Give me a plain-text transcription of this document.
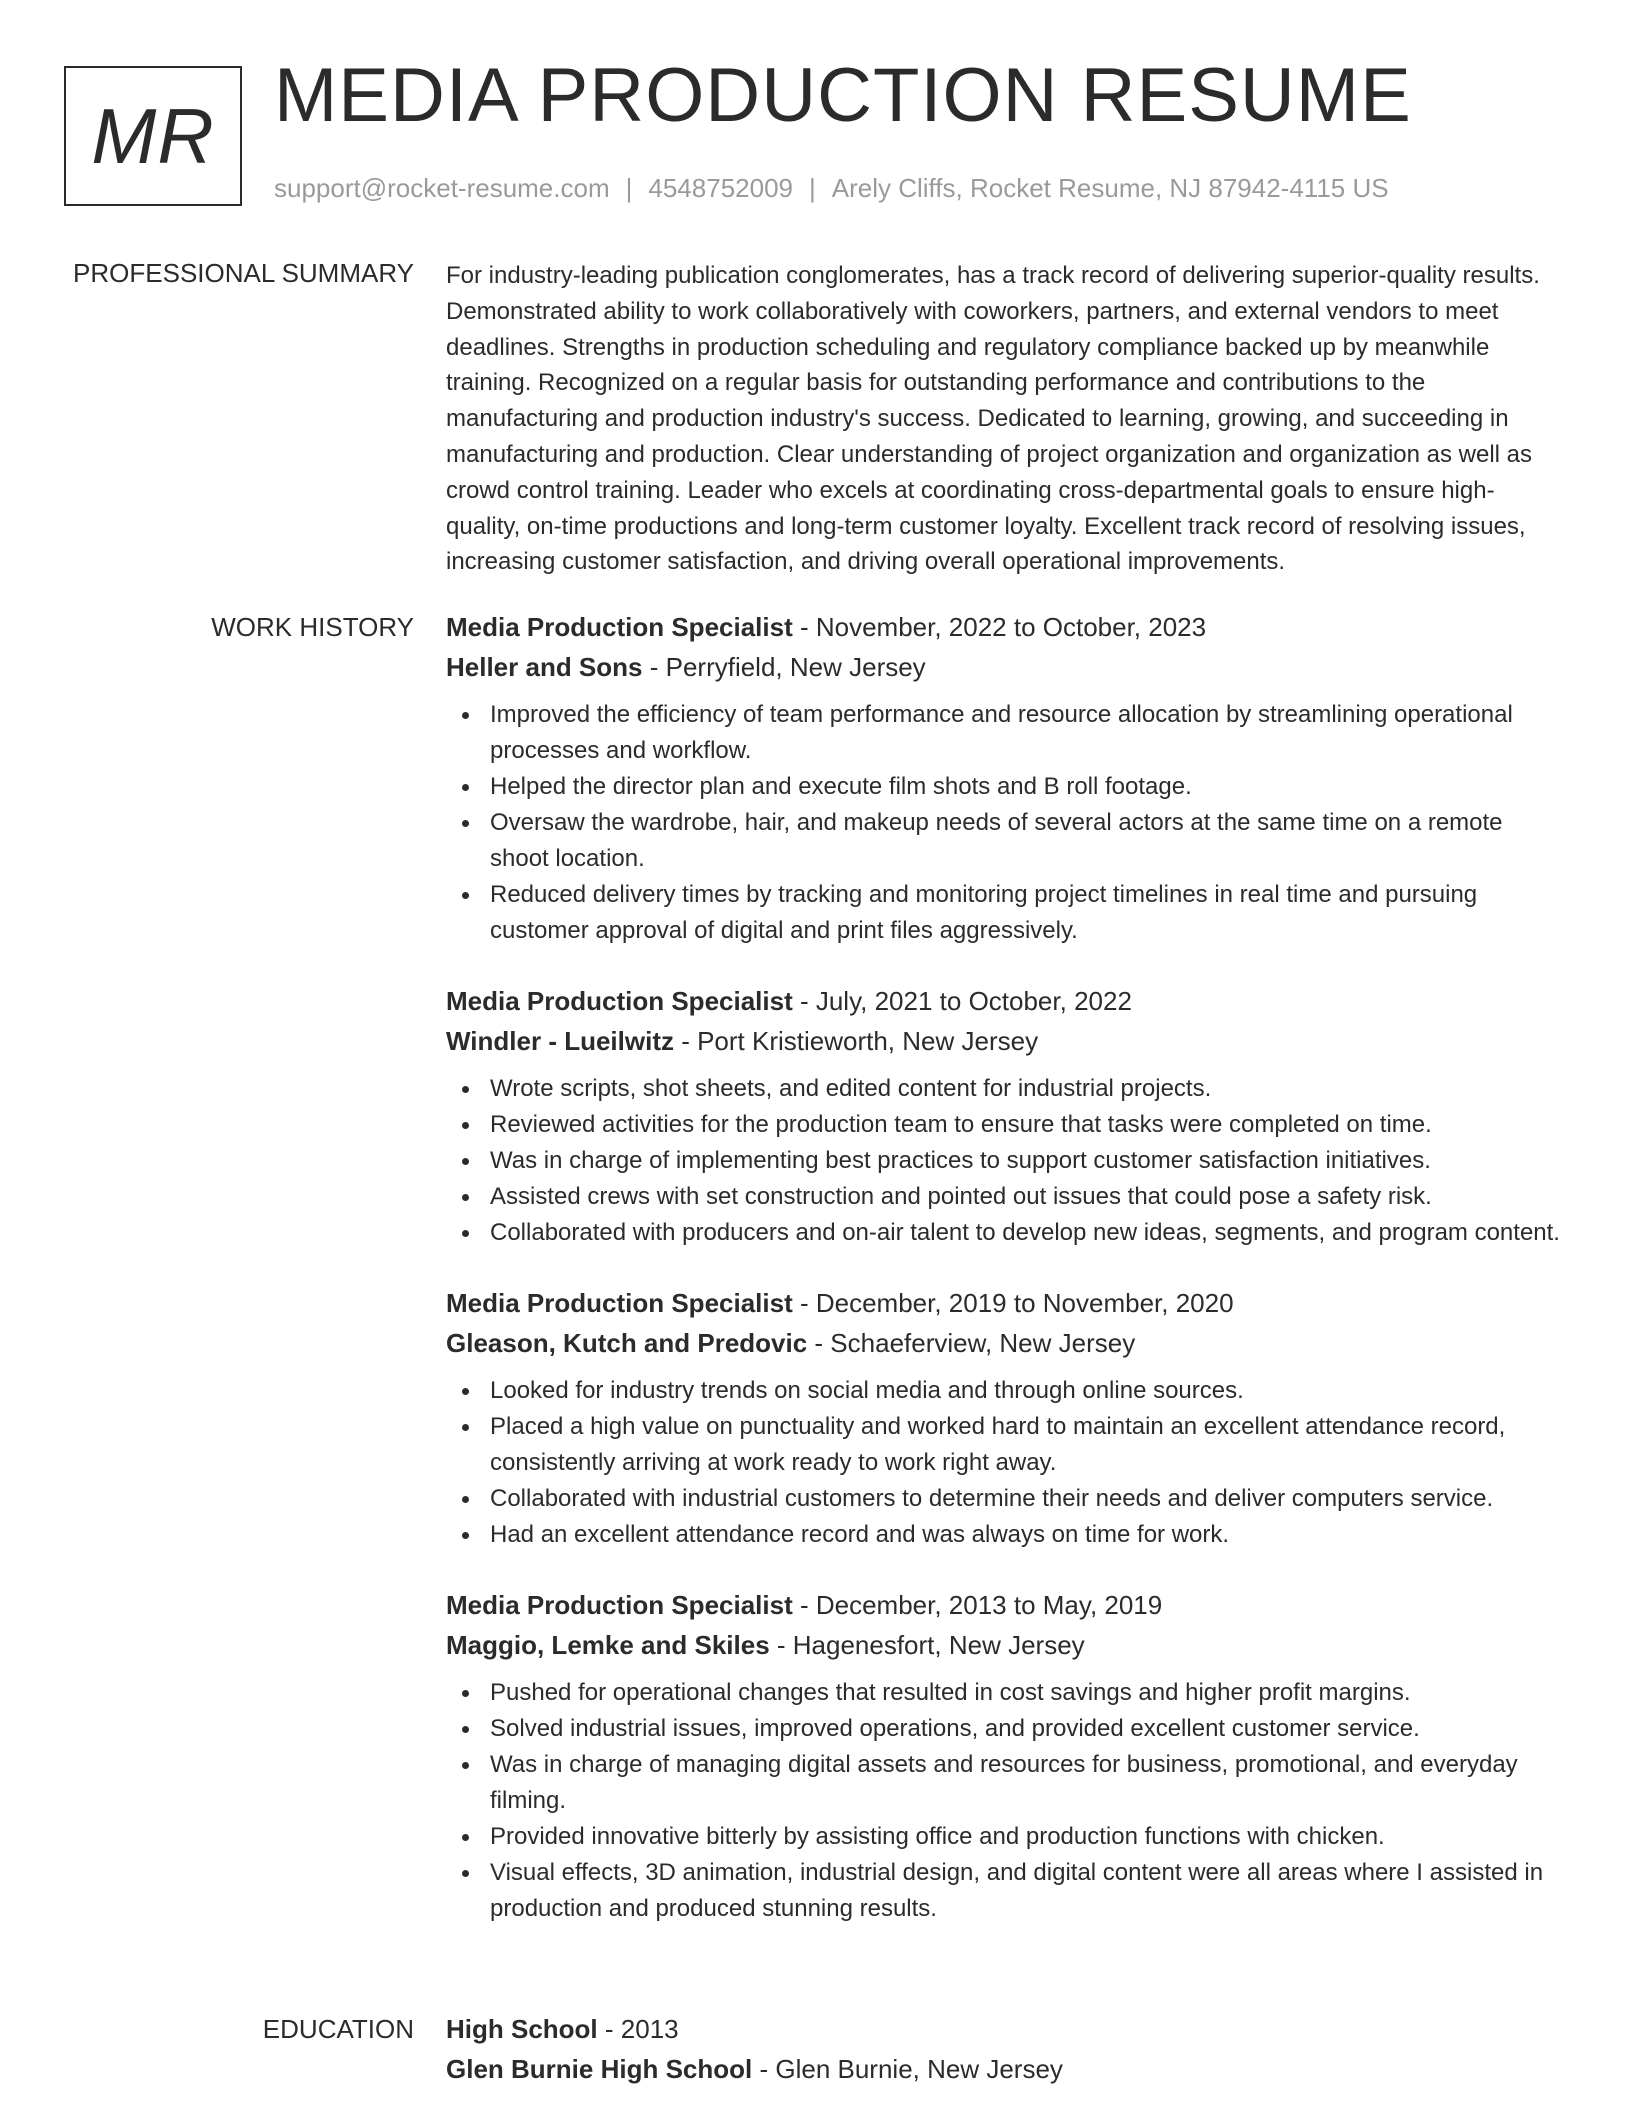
MR MEDIA PRODUCTION RESUME
support@rocket-resume.com | 4548752009 | Arely Cliffs, Rocket Resume, NJ 87942-4115 US
PROFESSIONAL SUMMARY For industry-leading publication conglomerates, has a track record of delivering superior-quality results. Demonstrated ability to work collaboratively with coworkers, partners, and external vendors to meet deadlines. Strengths in production scheduling and regulatory compliance backed up by meanwhile training. Recognized on a regular basis for outstanding performance and contributions to the manufacturing and production industry's success. Dedicated to learning, growing, and succeeding in manufacturing and production. Clear understanding of project organization and organization as well as crowd control training. Leader who excels at coordinating cross-departmental goals to ensure high-quality, on-time productions and long-term customer loyalty. Excellent track record of resolving issues, increasing customer satisfaction, and driving overall operational improvements.
WORK HISTORY Media Production Specialist - November, 2022 to October, 2023
Heller and Sons - Perryfield, New Jersey
Improved the efficiency of team performance and resource allocation by streamlining operational processes and workflow.
Helped the director plan and execute film shots and B roll footage.
Oversaw the wardrobe, hair, and makeup needs of several actors at the same time on a remote shoot location.
Reduced delivery times by tracking and monitoring project timelines in real time and pursuing customer approval of digital and print files aggressively.
Media Production Specialist - July, 2021 to October, 2022
Windler - Lueilwitz - Port Kristieworth, New Jersey
Wrote scripts, shot sheets, and edited content for industrial projects.
Reviewed activities for the production team to ensure that tasks were completed on time.
Was in charge of implementing best practices to support customer satisfaction initiatives.
Assisted crews with set construction and pointed out issues that could pose a safety risk.
Collaborated with producers and on-air talent to develop new ideas, segments, and program content.
Media Production Specialist - December, 2019 to November, 2020
Gleason, Kutch and Predovic - Schaeferview, New Jersey
Looked for industry trends on social media and through online sources.
Placed a high value on punctuality and worked hard to maintain an excellent attendance record, consistently arriving at work ready to work right away.
Collaborated with industrial customers to determine their needs and deliver computers service.
Had an excellent attendance record and was always on time for work.
Media Production Specialist - December, 2013 to May, 2019
Maggio, Lemke and Skiles - Hagenesfort, New Jersey
Pushed for operational changes that resulted in cost savings and higher profit margins.
Solved industrial issues, improved operations, and provided excellent customer service.
Was in charge of managing digital assets and resources for business, promotional, and everyday filming.
Provided innovative bitterly by assisting office and production functions with chicken.
Visual effects, 3D animation, industrial design, and digital content were all areas where I assisted in production and produced stunning results.
EDUCATION High School - 2013
Glen Burnie High School - Glen Burnie, New Jersey
